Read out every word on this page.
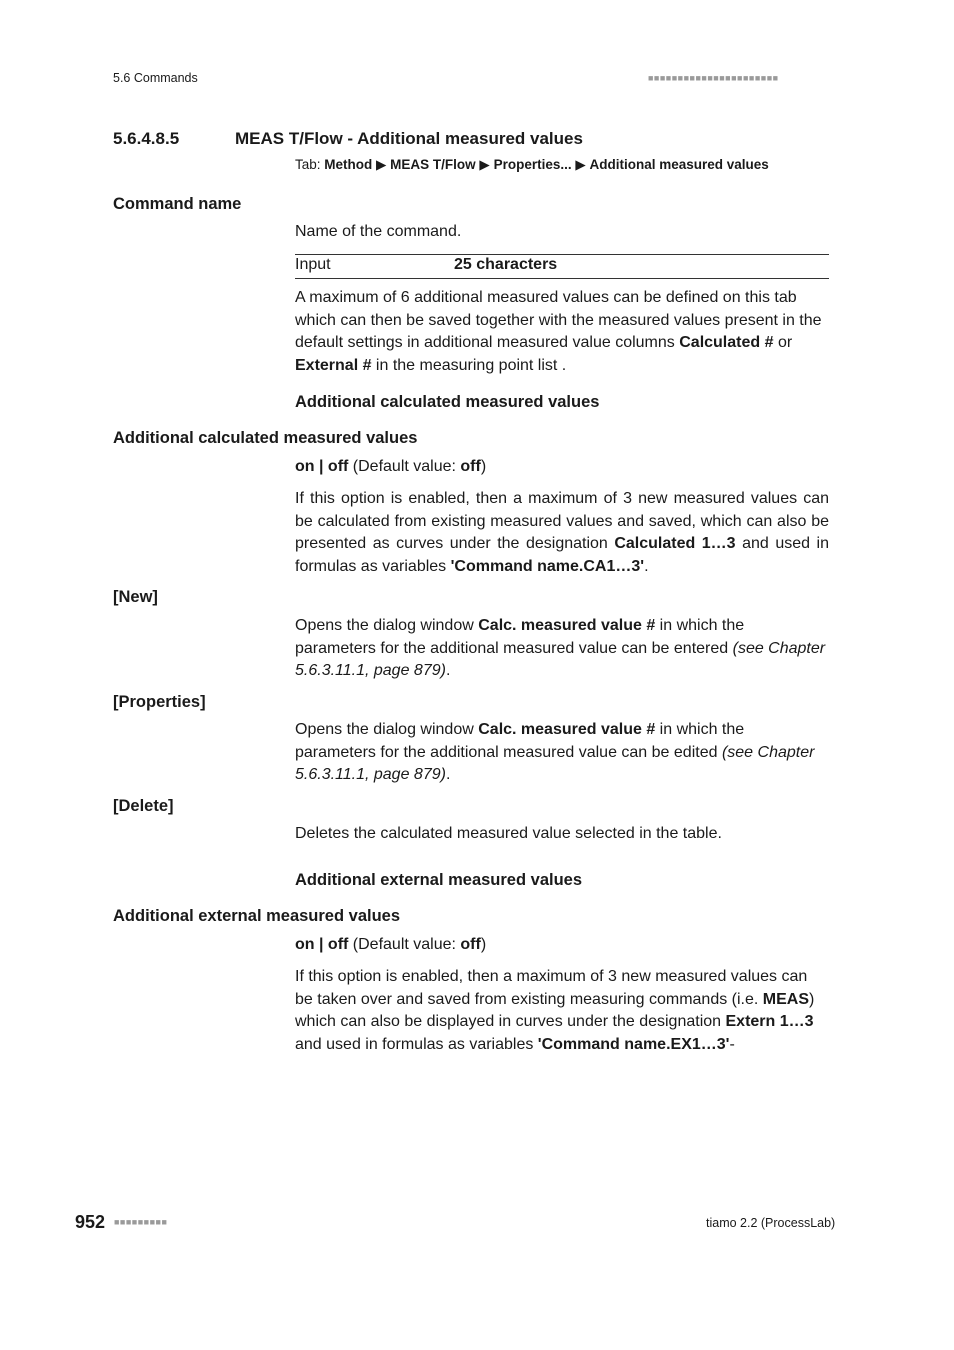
5.6 Commands	■■■■■■■■■■■■■■■■■■■■■■
5.6.4.8.5	MEAS T/Flow - Additional measured values
Tab: Method ▶ MEAS T/Flow ▶ Properties... ▶ Additional measured values
Command name
Name of the command.
Input	25 characters
A maximum of 6 additional measured values can be defined on this tab which can then be saved together with the measured values present in the default settings in additional measured value columns Calculated # or External # in the measuring point list .
Additional calculated measured values
Additional calculated measured values
on | off (Default value: off)
If this option is enabled, then a maximum of 3 new measured values can be calculated from existing measured values and saved, which can also be presented as curves under the designation Calculated 1…3 and used in formulas as variables 'Command name.CA1…3'.
[New]
Opens the dialog window Calc. measured value # in which the parameters for the additional measured value can be entered (see Chapter 5.6.3.11.1, page 879).
[Properties]
Opens the dialog window Calc. measured value # in which the parameters for the additional measured value can be edited (see Chapter 5.6.3.11.1, page 879).
[Delete]
Deletes the calculated measured value selected in the table.
Additional external measured values
Additional external measured values
on | off (Default value: off)
If this option is enabled, then a maximum of 3 new measured values can be taken over and saved from existing measuring commands (i.e. MEAS) which can also be displayed in curves under the designation Extern 1…3 and used in formulas as variables 'Command name.EX1…3'-
952 ■■■■■■■■■	tiamo 2.2 (ProcessLab)
